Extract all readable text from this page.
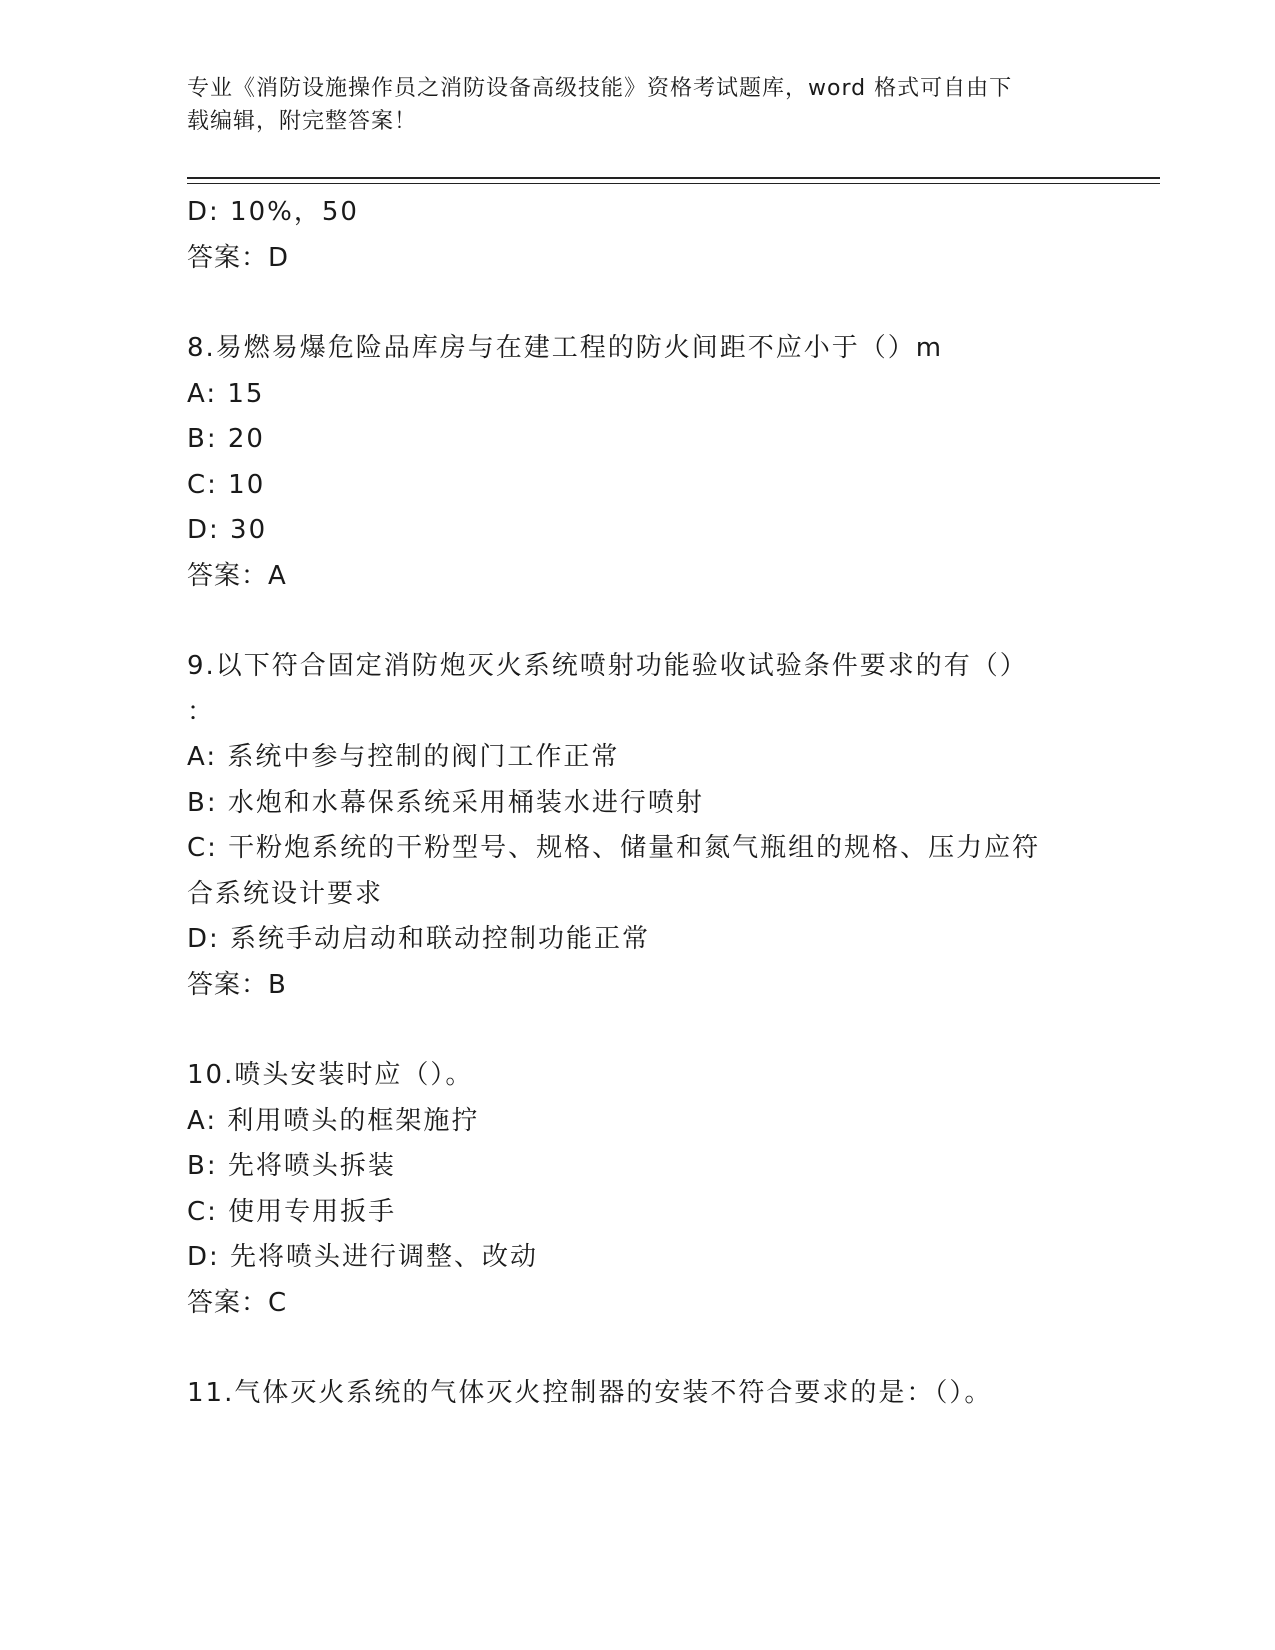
专业《消防设施操作员之消防设备高级技能》资格考试题库，word 格式可自由下
载编辑，附完整答案！
D: 10%，50
答案：D
8.易燃易爆危险品库房与在建工程的防火间距不应小于（）m
A: 15
B: 20
C: 10
D: 30
答案：A
9.以下符合固定消防炮灭火系统喷射功能验收试验条件要求的有（）
：
A: 系统中参与控制的阀门工作正常
B: 水炮和水幕保系统采用桶装水进行喷射
C: 干粉炮系统的干粉型号、规格、储量和氮气瓶组的规格、压力应符
合系统设计要求
D: 系统手动启动和联动控制功能正常
答案：B
10.喷头安装时应（）。
A: 利用喷头的框架施拧
B: 先将喷头拆装
C: 使用专用扳手
D: 先将喷头进行调整、改动
答案：C
11.气体灭火系统的气体灭火控制器的安装不符合要求的是：（）。
